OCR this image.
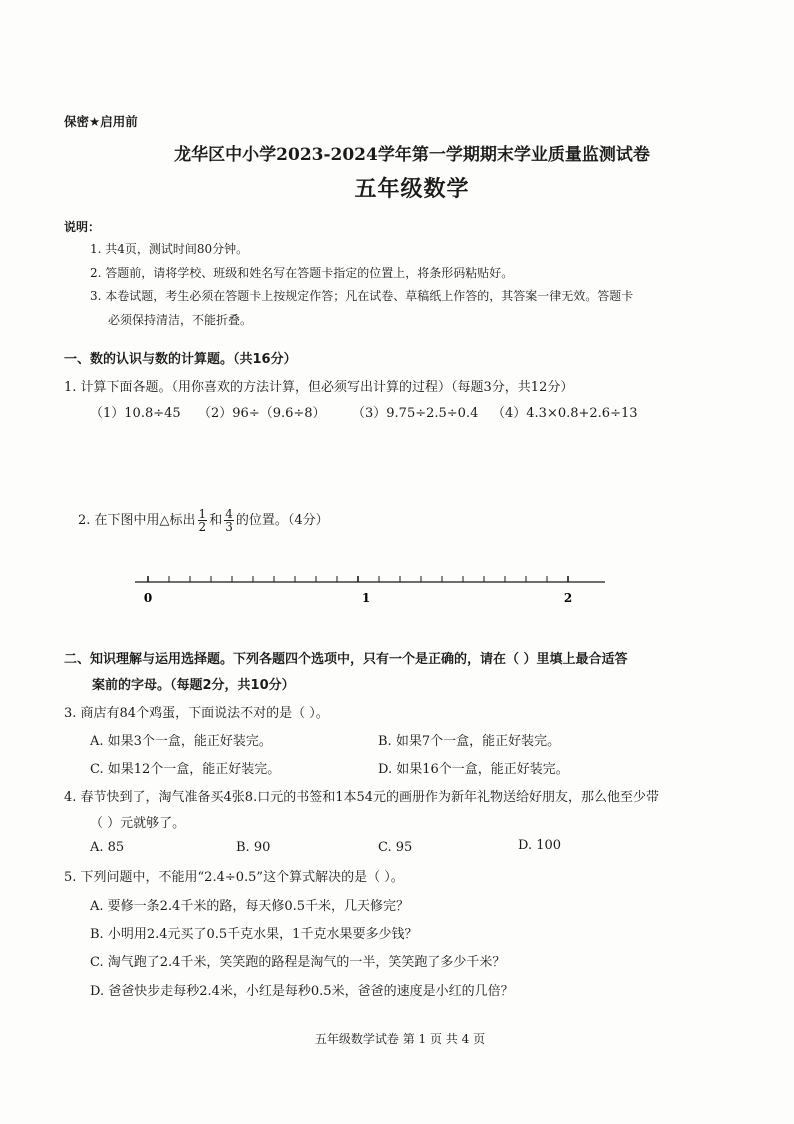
保密★启用前
龙华区中小学2023-2024学年第一学期期末学业质量监测试卷
五年级数学
说明：
1. 共4页，测试时间80分钟。
2. 答题前，请将学校、班级和姓名写在答题卡指定的位置上，将条形码粘贴好。
3. 本卷试题，考生必须在答题卡上按规定作答；凡在试卷、草稿纸上作答的，其答案一律无效。答题卡
必须保持清洁，不能折叠。
一、数的认识与数的计算题。（共16分）
1. 计算下面各题。（用你喜欢的方法计算，但必须写出计算的过程）（每题3分，共12分）
（1）10.8÷45 （2）96÷（9.6÷8） （3）9.75÷2.5÷0.4 （4）4.3×0.8+2.6÷13
2. 在下图中用△标出 $\frac{1}{2}$ 和 $\frac{4}{3}$ 的位置。（4分）
0	1	2
二、知识理解与运用选择题。下列各题四个选项中，只有一个是正确的，请在（ ）里填上最合适答
案前的字母。（每题2分，共10分）
3. 商店有84个鸡蛋，下面说法不对的是（ ）。
A. 如果3个一盒，能正好装完。	B. 如果7个一盒，能正好装完。
C. 如果12个一盒，能正好装完。	D. 如果16个一盒，能正好装完。
4. 春节快到了，淘气准备买4张8.口元的书签和1本54元的画册作为新年礼物送给好朋友，那么他至少带
（ ）元就够了。
A. 85	B. 90	C. 95	D. 100
5. 下列问题中，不能用“2.4÷0.5”这个算式解决的是（ ）。
A. 要修一条2.4千米的路，每天修0.5千米，几天修完？
B. 小明用2.4元买了0.5千克水果，1千克水果要多少钱？
C. 淘气跑了2.4千米，笑笑跑的路程是淘气的一半，笑笑跑了多少千米？
D. 爸爸快步走每秒2.4米，小红是每秒0.5米，爸爸的速度是小红的几倍？
五年级数学试卷 第 1 页 共 4 页
